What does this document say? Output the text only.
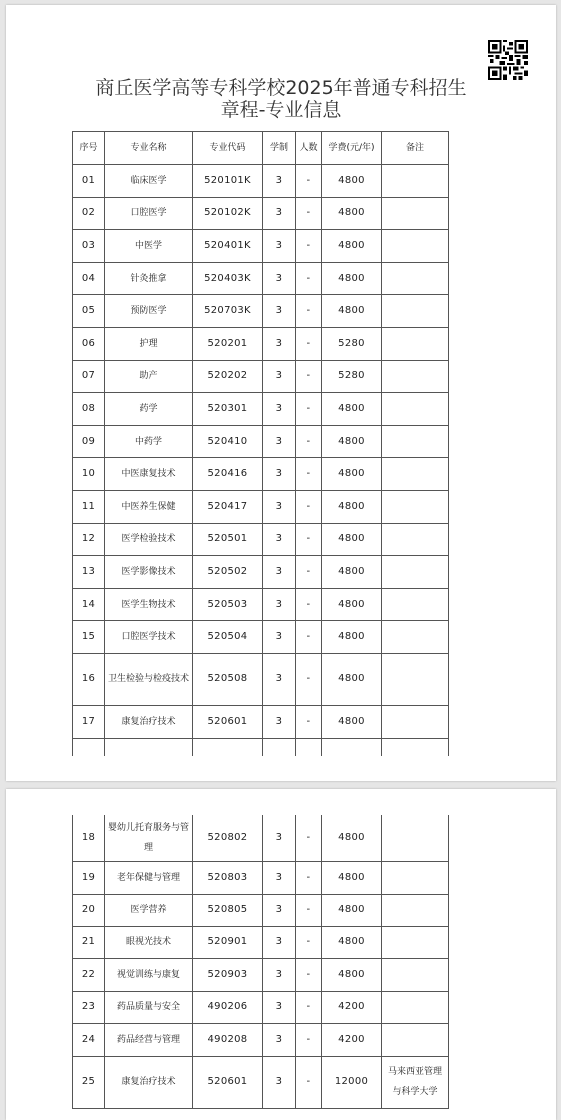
商丘医学高等专科学校2025年普通专科招生
章程-专业信息
序号	专业名称	专业代码	学制	人数	学费(元/年)	备注
01	临床医学	520101K	3	-	4800	
02	口腔医学	520102K	3	-	4800	
03	中医学	520401K	3	-	4800	
04	针灸推拿	520403K	3	-	4800	
05	预防医学	520703K	3	-	4800	
06	护理	520201	3	-	5280	
07	助产	520202	3	-	5280	
08	药学	520301	3	-	4800	
09	中药学	520410	3	-	4800	
10	中医康复技术	520416	3	-	4800	
11	中医养生保健	520417	3	-	4800	
12	医学检验技术	520501	3	-	4800	
13	医学影像技术	520502	3	-	4800	
14	医学生物技术	520503	3	-	4800	
15	口腔医学技术	520504	3	-	4800	
16	卫生检验与检疫技术	520508	3	-	4800	
17	康复治疗技术	520601	3	-	4800	

18	婴幼儿托育服务与管理	520802	3	-	4800	
19	老年保健与管理	520803	3	-	4800	
20	医学营养	520805	3	-	4800	
21	眼视光技术	520901	3	-	4800	
22	视觉训练与康复	520903	3	-	4800	
23	药品质量与安全	490206	3	-	4200	
24	药品经营与管理	490208	3	-	4200	
25	康复治疗技术	520601	3	-	12000	马来西亚管理与科学大学
